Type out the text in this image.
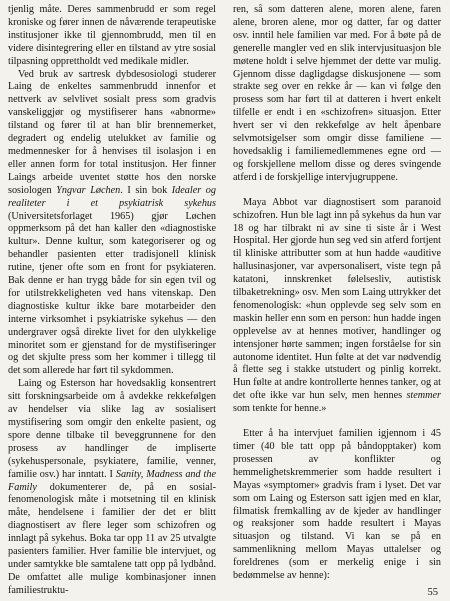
tjenlig måte. Deres sammenbrudd er som regel kroniske og fører innen de nåværende terapeutiske institusjoner ikke til gjennombrudd, men til en videre disintegrering eller en tilstand av ytre sosial tilpasning opprettholdt ved medikale midler.

Ved bruk av sartresk dybdesosiologi studerer Laing de enkeltes sammenbrudd innenfor et nettverk av selvlivet sosialt press som gradvis vanskeliggjør og mystifiserer hans «abnorme» tilstand og fører til at han blir brennemerket, degradert og endelig utelukket av familie og medmennesker for å henvises til isolasjon i en eller annen form for total institusjon. Her finner Laings arbeide uventet støtte hos den norske sosiologen Yngvar Løchen. I sin bok Idealer og realiteter i et psykiatrisk sykehus (Universitetsforlaget 1965) gjør Løchen oppmerksom på det han kaller den «diagnostiske kultur». Denne kultur, som kategoriserer og og behandler pasienten etter tradisjonell klinisk rutine, tjener ofte som en front for psykiateren. Bak denne er han trygg både for sin egen tvil og for utilstrekkeligheten ved hans vitenskap. Den diagnostiske kultur ikke bare motarbeider den interne virksomhet i psykiatriske sykehus — den undergraver også direkte livet for den ulykkelige minoritet som er gjenstand for de mystifiseringer og det skjulte press som her kommer i tillegg til det som allerede har ført til sykdommen.

Laing og Esterson har hovedsaklig konsentrert sitt forskningsarbeide om å avdekke rekkefølgen av hendelser via slike lag av sosialisert mystifisering som omgir den enkelte pasient, og spore denne tilbake til beveggrunnene for den prosess av handlinger de impliserte (sykehuspersonale, psykiatere, familie, venner, familie osv.) har inntatt. I Sanity, Madness and the Family dokumenterer de, på en sosial-fenomenologisk måte i motsetning til en klinisk måte, hendelsene i familier der det er blitt diagnostisert av flere leger som schizofren og innlagt på sykehus. Boka tar opp 11 av 25 utvalgte pasienters familier. Hver familie ble intervjuet, og under samtykke ble samtalene tatt opp på lydbånd. De omfattet alle mulige kombinasjoner innen familiestruktu-

ren, så som datteren alene, moren alene, faren alene, broren alene, mor og datter, far og datter osv. inntil hele familien var med. For å bøte på de generelle mangler ved en slik intervjusituasjon ble møtene holdt i selve hjemmet der dette var mulig. Gjennom disse dagligdagse diskusjonene — som strakte seg over en rekke år — kan vi følge den prosess som har ført til at datteren i hvert enkelt tilfelle er endt i en «schizofren» situasjon. Etter hvert ser vi den rekkefølge av helt åpenbare selvmotsigelser som omgir disse familiene — hovedsaklig i familiemedlemmenes egne ord — og forskjellene mellom disse og deres svingende atferd i de forskjellige intervjugruppene.

Maya Abbot var diagnostisert som paranoid schizofren. Hun ble lagt inn på sykehus da hun var 18 og har tilbrakt ni av sine ti siste år i West Hospital. Her gjorde hun seg ved sin atferd fortjent til kliniske attributter som at hun hadde «auditive hallusinasjoner, var avpersonalisert, viste tegn på katatoni, innskrenket følelsesliv, autistisk tilbaketrekning» osv. Men som Laing uttrykker det fenomenologisk: «hun opplevde seg selv som en maskin heller enn som en person: hun hadde ingen opplevelse av at hennes motiver, handlinger og intensjoner hørte sammen; ingen forståelse for sin autonome identitet. Hun følte at det var nødvendig å flette seg i stakke utstudert og pinlig korrekt. Hun følte at andre kontrollerte hennes tanker, og at det ofte ikke var hun selv, men hennes stemmer som tenkte for henne.»

Etter å ha intervjuet familien igjennom i 45 timer (40 ble tatt opp på båndopptaker) kom prosessen av konflikter og hemmelighetskremmerier som hadde resultert i Mayas «symptomer» gradvis fram i lyset. Det var som om Laing og Esterson satt igjen med en klar, filmatisk fremkalling av de kjeder av handlinger og reaksjoner som hadde resultert i Mayas situasjon og tilstand. Vi kan se på en sammenlikning mellom Mayas uttalelser og foreldrenes (som er merkelig enige i sin bedømmelse av henne):

55
